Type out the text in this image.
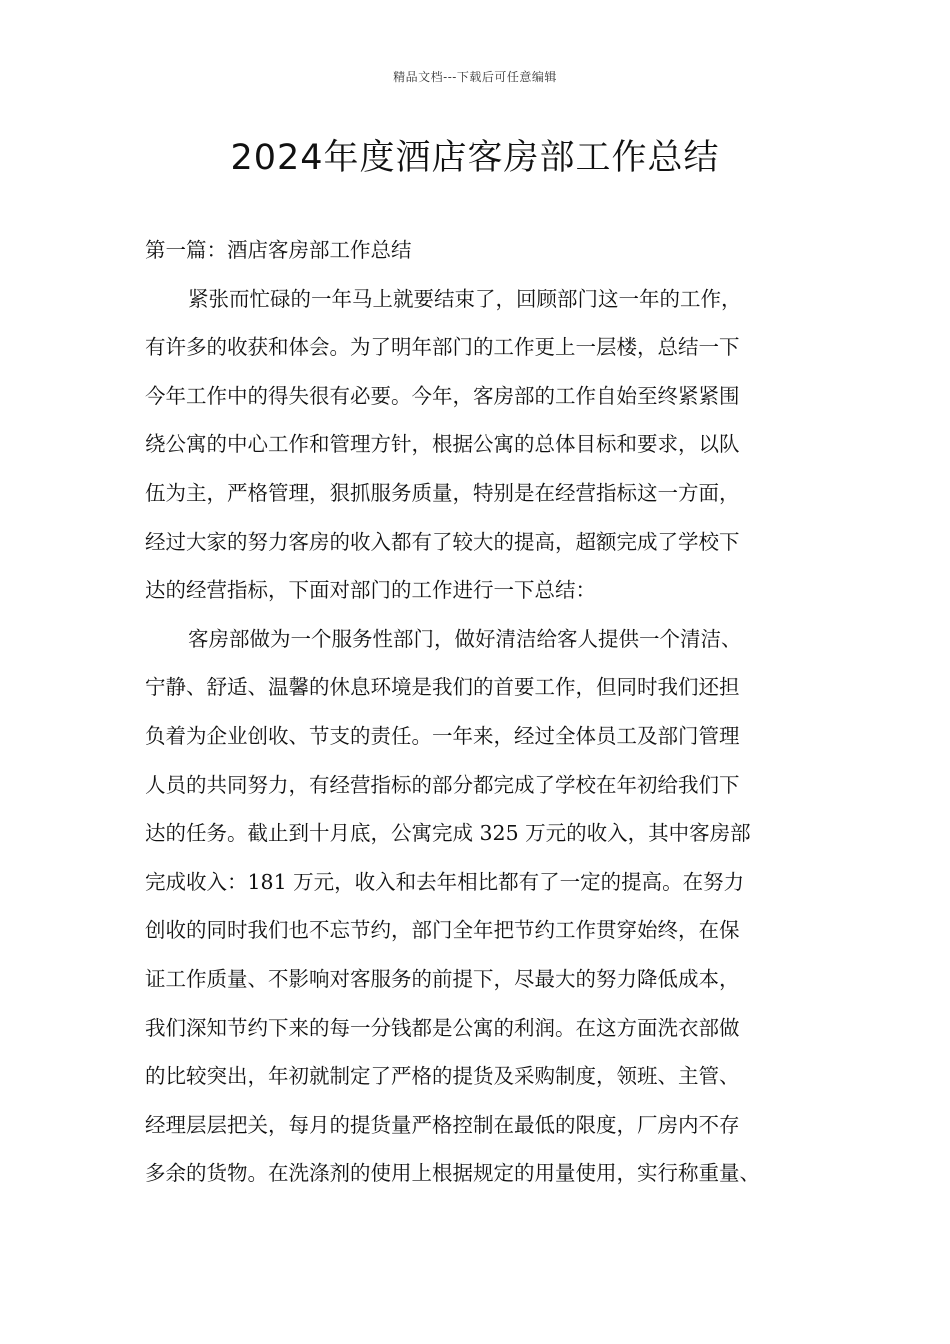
精品文档---下载后可任意编辑
2024年度酒店客房部工作总结

第一篇：酒店客房部工作总结

紧张而忙碌的一年马上就要结束了，回顾部门这一年的工作，

有许多的收获和体会。为了明年部门的工作更上一层楼，总结一下

今年工作中的得失很有必要。今年，客房部的工作自始至终紧紧围

绕公寓的中心工作和管理方针，根据公寓的总体目标和要求，以队

伍为主，严格管理，狠抓服务质量，特别是在经营指标这一方面，

经过大家的努力客房的收入都有了较大的提高，超额完成了学校下

达的经营指标，下面对部门的工作进行一下总结：

客房部做为一个服务性部门，做好清洁给客人提供一个清洁、

宁静、舒适、温馨的休息环境是我们的首要工作，但同时我们还担

负着为企业创收、节支的责任。一年来，经过全体员工及部门管理

人员的共同努力，有经营指标的部分都完成了学校在年初给我们下

达的任务。截止到十月底，公寓完成 325 万元的收入，其中客房部

完成收入：181 万元，收入和去年相比都有了一定的提高。在努力

创收的同时我们也不忘节约，部门全年把节约工作贯穿始终，在保

证工作质量、不影响对客服务的前提下，尽最大的努力降低成本，

我们深知节约下来的每一分钱都是公寓的利润。在这方面洗衣部做

的比较突出，年初就制定了严格的提货及采购制度，领班、主管、

经理层层把关，每月的提货量严格控制在最低的限度，厂房内不存

多余的货物。在洗涤剂的使用上根据规定的用量使用，实行称重量、
